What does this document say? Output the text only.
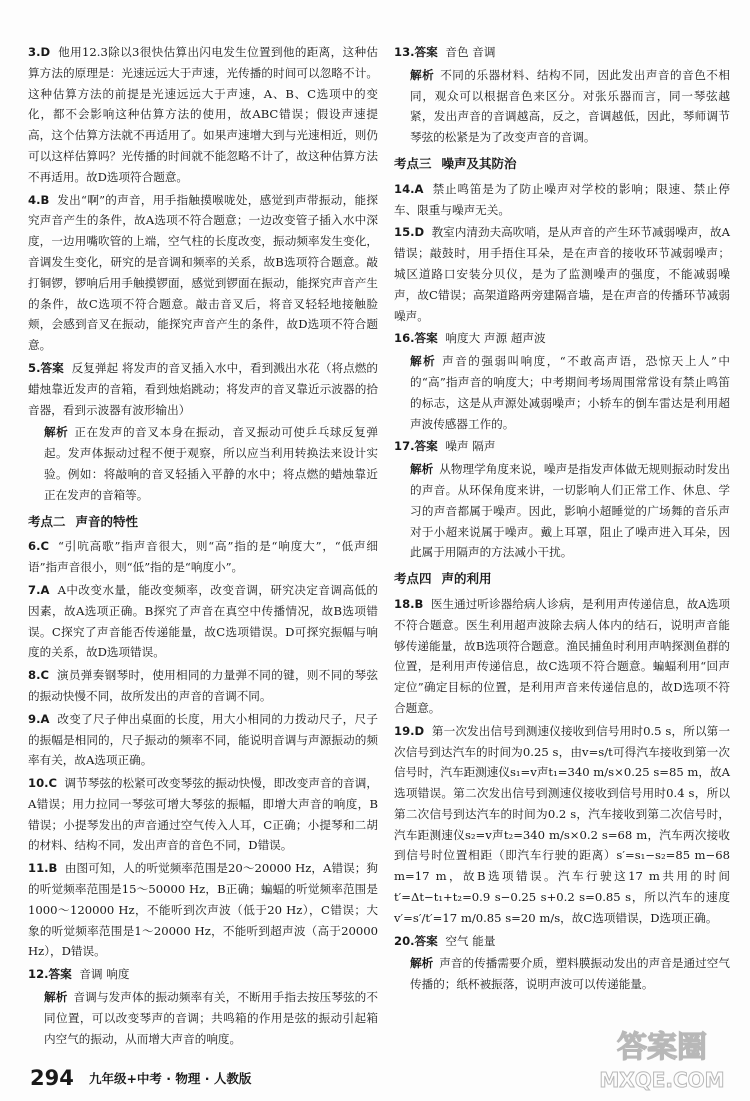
3.D 他用12.3除以3很快估算出闪电发生位置到他的距离，这种估算方法的原理是：光速远远大于声速，光传播的时间可以忽略不计。这种估算方法的前提是光速远远大于声速，A、B、C选项中的变化，都不会影响这种估算方法的使用，故ABC错误；假设声速提高，这个估算方法就不再适用了。如果声速增大到与光速相近，则仍可以这样估算吗？光传播的时间就不能忽略不计了，故这种估算方法不再适用。故D选项符合题意。
4.B 发出“啊”的声音，用手指触摸喉咙处，感觉到声带振动，能探究声音产生的条件，故A选项不符合题意；一边改变管子插入水中深度，一边用嘴吹管的上端，空气柱的长度改变，振动频率发生变化，音调发生变化，研究的是音调和频率的关系，故B选项符合题意。敲打铜锣，锣响后用手触摸锣面，感觉到锣面在振动，能探究声音产生的条件，故C选项不符合题意。敲击音叉后，将音叉轻轻地接触脸颊，会感到音叉在振动，能探究声音产生的条件，故D选项不符合题意。
5.答案 反复弹起 将发声的音叉插入水中，看到溅出水花（将点燃的蜡烛靠近发声的音箱，看到烛焰跳动；将发声的音叉靠近示波器的拾音器，看到示波器有波形输出）
解析 正在发声的音叉本身在振动，音叉振动可使乒乓球反复弹起。发声体振动过程不便于观察，所以应当利用转换法来设计实验。例如：将敲响的音叉轻插入平静的水中；将点燃的蜡烛靠近正在发声的音箱等。
考点二 声音的特性
6.C “引吭高歌”指声音很大，则“高”指的是“响度大”，“低声细语”指声音很小，则“低”指的是“响度小”。
7.A A中改变水量，能改变频率，改变音调，研究决定音调高低的因素，故A选项正确。B探究了声音在真空中传播情况，故B选项错误。C探究了声音能否传递能量，故C选项错误。D可探究振幅与响度的关系，故D选项错误。
8.C 演员弹奏钢琴时，使用相同的力量弹不同的键，则不同的琴弦的振动快慢不同，故所发出的声音的音调不同。
9.A 改变了尺子伸出桌面的长度，用大小相同的力拨动尺子，尺子的振幅是相同的，尺子振动的频率不同，能说明音调与声源振动的频率有关，故A选项正确。
10.C 调节琴弦的松紧可改变琴弦的振动快慢，即改变声音的音调，A错误；用力拉同一琴弦可增大琴弦的振幅，即增大声音的响度，B错误；小提琴发出的声音通过空气传入人耳，C正确；小提琴和二胡的材料、结构不同，发出声音的音色不同，D错误。
11.B 由图可知，人的听觉频率范围是20～20000 Hz，A错误；狗的听觉频率范围是15～50000 Hz，B正确；蝙蝠的听觉频率范围是1000～120000 Hz，不能听到次声波（低于20 Hz），C错误；大象的听觉频率范围是1～20000 Hz，不能听到超声波（高于20000 Hz），D错误。
12.答案 音调 响度
解析 音调与发声体的振动频率有关，不断用手指去按压琴弦的不同位置，可以改变琴声的音调；共鸣箱的作用是弦的振动引起箱内空气的振动，从而增大声音的响度。
13.答案 音色 音调
解析 不同的乐器材料、结构不同，因此发出声音的音色不相同，观众可以根据音色来区分。对张乐器而言，同一琴弦越紧，发出声音的音调越高，反之，音调越低，因此，琴师调节琴弦的松紧是为了改变声音的音调。
考点三 噪声及其防治
14.A 禁止鸣笛是为了防止噪声对学校的影响；限速、禁止停车、限重与噪声无关。
15.D 教室内清劲夫高吹哨，是从声音的产生环节减弱噪声，故A错误；敲鼓时，用手捂住耳朵，是在声音的接收环节减弱噪声；城区道路口安装分贝仪，是为了监测噪声的强度，不能减弱噪声，故C错误；高架道路两旁建隔音墙，是在声音的传播环节减弱噪声。
16.答案 响度大 声源 超声波
解析 声音的强弱叫响度，“不敢高声语，恐惊天上人”中的“高”指声音的响度大；中考期间考场周围常常设有禁止鸣笛的标志，这是从声源处减弱噪声；小轿车的倒车雷达是利用超声波传感器工作的。
17.答案 噪声 隔声
解析 从物理学角度来说，噪声是指发声体做无规则振动时发出的声音。从环保角度来讲，一切影响人们正常工作、休息、学习的声音都属于噪声。因此，影响小超睡觉的广场舞的音乐声对于小超来说属于噪声。戴上耳罩，阻止了噪声进入耳朵，因此属于用隔声的方法减小干扰。
考点四 声的利用
18.B 医生通过听诊器给病人诊病，是利用声传递信息，故A选项不符合题意。医生利用超声波除去病人体内的结石，说明声音能够传递能量，故B选项符合题意。渔民捕鱼时利用声呐探测鱼群的位置，是利用声传递信息，故C选项不符合题意。蝙蝠利用“回声定位”确定目标的位置，是利用声音来传递信息的，故D选项不符合题意。
19.D 第一次发出信号到测速仪接收到信号用时0.5 s，所以第一次信号到达汽车的时间为0.25 s，由v=s/t可得汽车接收到第一次信号时，汽车距测速仪s₁=v声t₁=340 m/s×0.25 s=85 m，故A选项错误。第二次发出信号到测速仪接收到信号用时0.4 s，所以第二次信号到达汽车的时间为0.2 s，汽车接收到第二次信号时，汽车距测速仪s₂=v声t₂=340 m/s×0.2 s=68 m，汽车两次接收到信号时位置相距（即汽车行驶的距离）s′=s₁−s₂=85 m−68 m=17 m，故B选项错误。汽车行驶这17 m共用的时间t′=Δt−t₁+t₂=0.9 s−0.25 s+0.2 s=0.85 s，所以汽车的速度v′=s′/t′=17 m/0.85 s=20 m/s，故C选项错误，D选项正确。
20.答案 空气 能量
解析 声音的传播需要介质，塑料膜振动发出的声音是通过空气传播的；纸杯被振落，说明声波可以传递能量。
294 九年级+中考 · 物理 · 人教版
答案圈
MXQE.COM
